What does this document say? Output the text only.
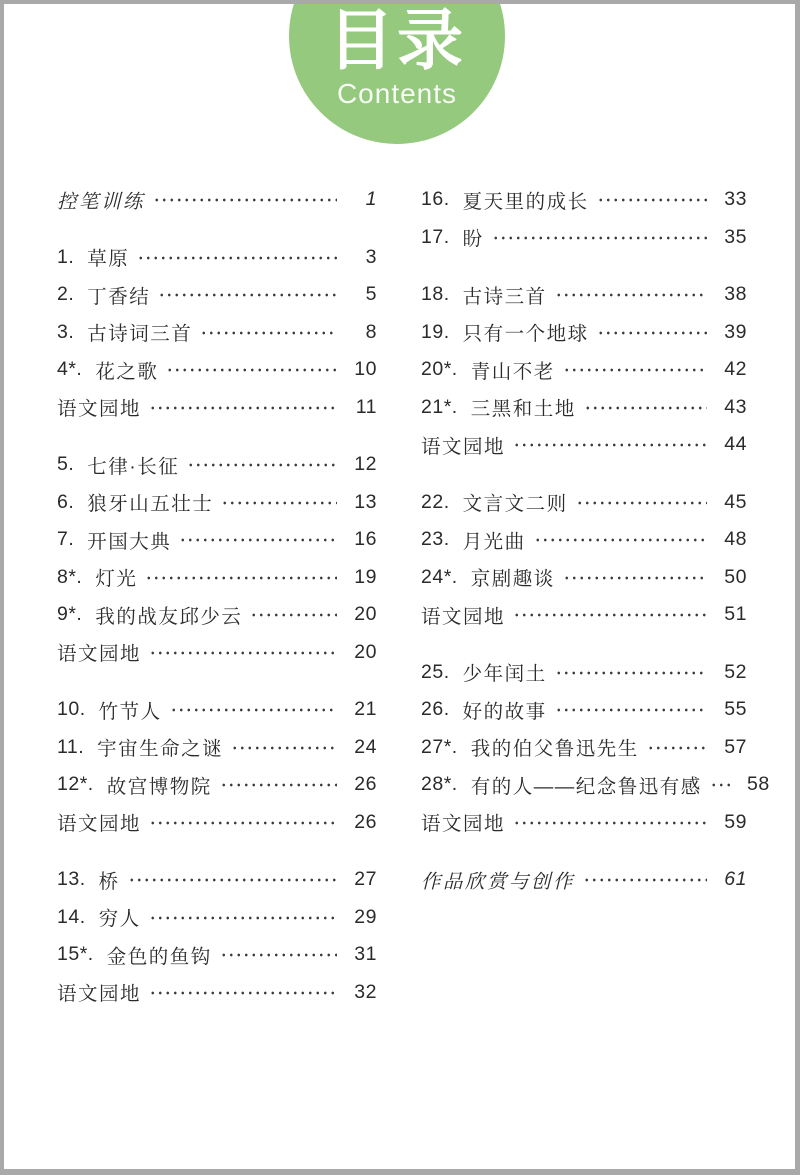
目录
Contents
控笔训练	1
1. 草原	3
2. 丁香结	5
3. 古诗词三首	8
4*. 花之歌	10
语文园地	11
5. 七律·长征	12
6. 狼牙山五壮士	13
7. 开国大典	16
8*. 灯光	19
9*. 我的战友邱少云	20
语文园地	20
10. 竹节人	21
11. 宇宙生命之谜	24
12*. 故宫博物院	26
语文园地	26
13. 桥	27
14. 穷人	29
15*. 金色的鱼钩	31
语文园地	32
16. 夏天里的成长	33
17. 盼	35
18. 古诗三首	38
19. 只有一个地球	39
20*. 青山不老	42
21*. 三黑和土地	43
语文园地	44
22. 文言文二则	45
23. 月光曲	48
24*. 京剧趣谈	50
语文园地	51
25. 少年闰土	52
26. 好的故事	55
27*. 我的伯父鲁迅先生	57
28*. 有的人——纪念鲁迅有感	58
语文园地	59
作品欣赏与创作	61
